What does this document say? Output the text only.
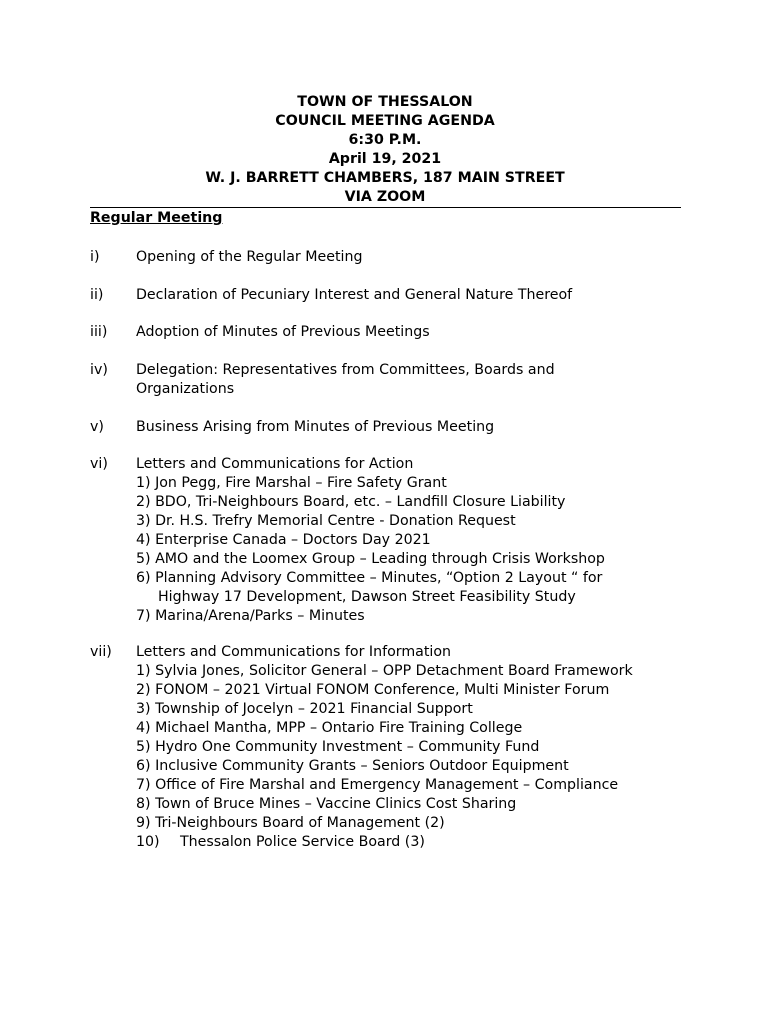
TOWN OF THESSALON
COUNCIL MEETING AGENDA
6:30 P.M.
April 19, 2021
W. J. BARRETT CHAMBERS, 187 MAIN STREET
VIA ZOOM
Regular Meeting
i)	Opening of the Regular Meeting
ii) Declaration of Pecuniary Interest and General Nature Thereof
iii) Adoption of Minutes of Previous Meetings
iv) Delegation: Representatives from Committees, Boards and
Organizations
v) Business Arising from Minutes of Previous Meeting
vi) Letters and Communications for Action
1) Jon Pegg, Fire Marshal – Fire Safety Grant
2) BDO, Tri-Neighbours Board, etc. – Landfill Closure Liability
3) Dr. H.S. Trefry Memorial Centre - Donation Request
4) Enterprise Canada – Doctors Day 2021
5) AMO and the Loomex Group – Leading through Crisis Workshop
6) Planning Advisory Committee – Minutes, “Option 2 Layout “ for
Highway 17 Development, Dawson Street Feasibility Study
7) Marina/Arena/Parks – Minutes
vii) Letters and Communications for Information
1) Sylvia Jones, Solicitor General – OPP Detachment Board Framework
2) FONOM – 2021 Virtual FONOM Conference, Multi Minister Forum
3) Township of Jocelyn – 2021 Financial Support
4) Michael Mantha, MPP – Ontario Fire Training College
5) Hydro One Community Investment – Community Fund
6) Inclusive Community Grants – Seniors Outdoor Equipment
7) Office of Fire Marshal and Emergency Management – Compliance
8) Town of Bruce Mines – Vaccine Clinics Cost Sharing
9) Tri-Neighbours Board of Management (2)
10) Thessalon Police Service Board (3)
